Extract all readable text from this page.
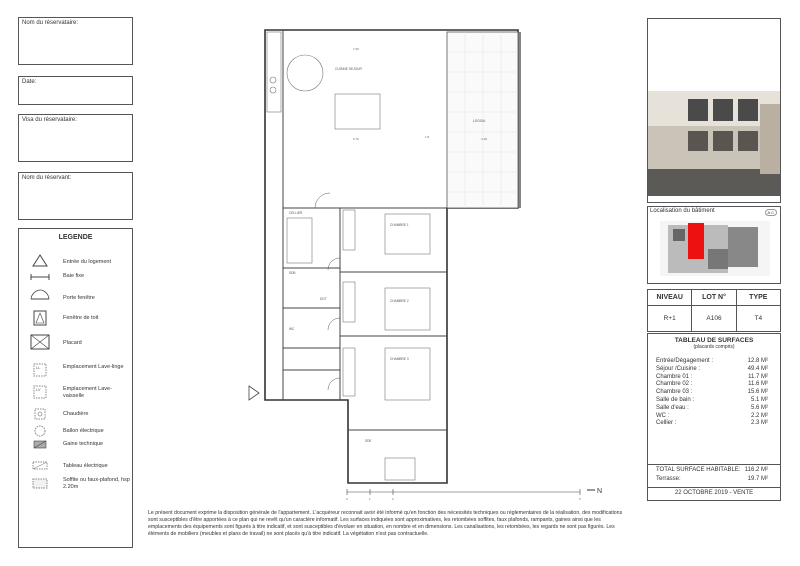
Nom du réservataire:
Date:
Visa du réservataire:
Nom du réservant:
LEGENDE
Entrée du logement
Baie fixe
Porte fenêtre
Fenêtre de toit
Placard
LL	Emplacement Lave-linge
LV	Emplacement Lave-vaisselle
Chaudière
Ballon électrique
Gaine technique
Tableau électrique
Soffite ou faux-plafond, hsp 2.20m
CUISINE SEJOUR
LOGGIA
CELLIER
SDB
DGT
WC
CHAMBRE 1
CHAMBRE 2
CHAMBRE 3
SDE
7.36
6.76	4.18
1.8
0	1	2	5
N
Localisation du bâtiment	A C
NIVEAU	LOT N°	TYPE
R+1	A106	T4
TABLEAU DE SURFACES
(placards compris)
Entrée/Dégagement :	12.8 M²
Séjour /Cuisine :	49.4 M²
Chambre 01 :	11.7 M²
Chambre 02 :	11.6 M²
Chambre 03 :	15.6 M²
Salle de bain :	5.1 M²
Salle d'eau :	5.6 M²
WC :	2.2 M²
Cellier :	2.3 M²
TOTAL SURFACE HABITABLE: 116.2 M²
Terrasse:	19.7 M²
22 OCTOBRE 2019 - VENTE
Le présent document exprime la disposition générale de l'appartement. L'acquéreur reconnait avoir été informé qu'en fonction des nécessités techniques ou réglementaires de la réalisation, des modifications sont susceptibles d'être apportées à ce plan qui ne revêt qu'un caractère informatif. Les surfaces indiquées sont approximatives, les retombées soffites, faux plafonds, rampants, gaines ainsi que les emplacements des équipements sont figurés à titre indicatif, et sont susceptibles d'évoluer en situation, en nombre et en dimensions. Les canalisations, les retombées, les regards ne sont pas figurés. Les éléments de mobiliers (meubles et plans de travail) ne sont placés qu'à titre indicatif. La végétation n'est pas contractuelle.
